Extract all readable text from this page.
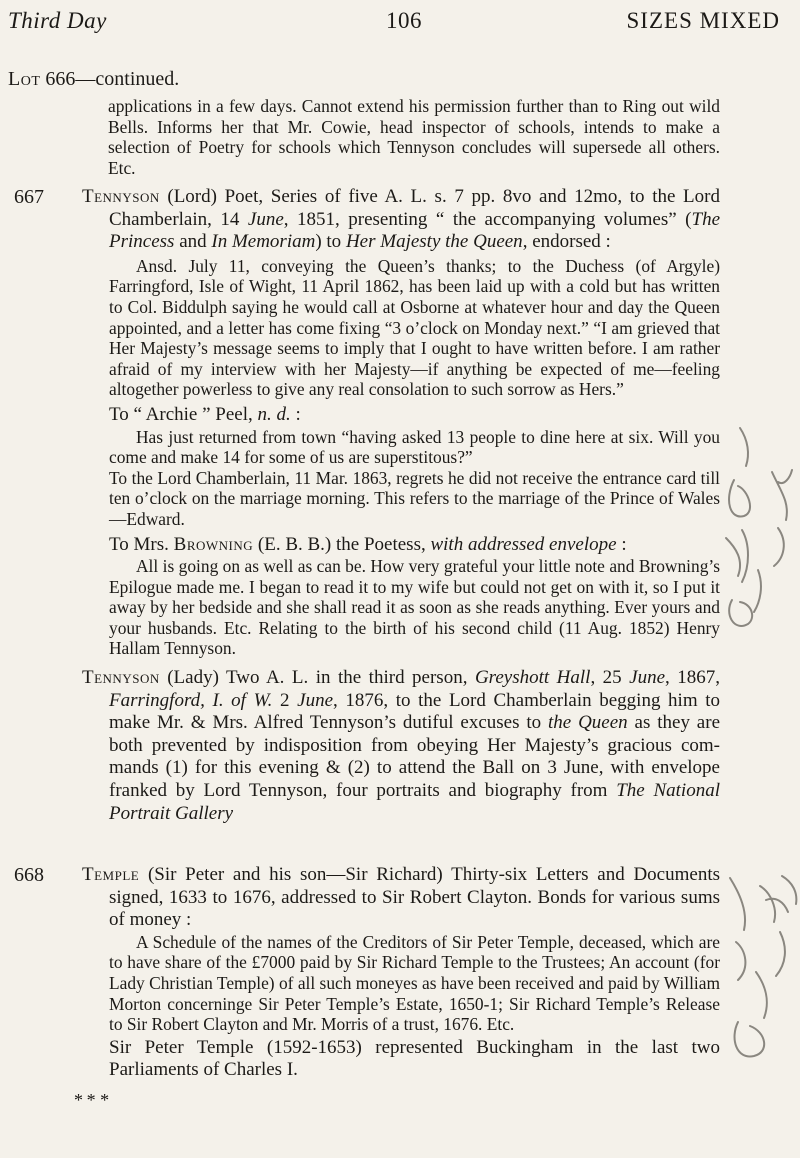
Third Day	106	SIZES MIXED
Lot 666—continued.

applications in a few days. Cannot extend his permission further than to Ring out wild Bells. Informs her that Mr. Cowie, head inspector of schools, intends to make a selection of Poetry for schools which Tennyson concludes will supersede all others. Etc.

667 Tennyson (Lord) Poet, Series of five A. L. s. 7 pp. 8vo and 12mo, to the Lord Chamberlain, 14 June, 1851, presenting “ the accompanying volumes” (The Princess and In Memoriam) to Her Majesty the Queen, endorsed :

Ansd. July 11, conveying the Queen’s thanks; to the Duchess (of Argyle) Farringford, Isle of Wight, 11 April 1862, has been laid up with a cold but has written to Col. Biddulph saying he would call at Osborne at whatever hour and day the Queen appointed, and a letter has come fixing “3 o’clock on Monday next.” “I am grieved that Her Majesty’s message seems to imply that I ought to have written before. I am rather afraid of my interview with her Majesty—if anything be expected of me—feeling altogether powerless to give any real consolation to such sorrow as Hers.”

To “ Archie ” Peel, n. d. :

Has just returned from town “having asked 13 people to dine here at six. Will you come and make 14 for some of us are superstitous?”

To the Lord Chamberlain, 11 Mar. 1863, regrets he did not receive the entrance card till ten o’clock on the marriage morning. This refers to the marriage of the Prince of Wales—Edward.

To Mrs. Browning (E. B. B.) the Poetess, with addressed envelope :

All is going on as well as can be. How very grateful your little note and Browning’s Epilogue made me. I began to read it to my wife but could not get on with it, so I put it away by her bedside and she shall read it as soon as she reads anything. Ever yours and your husbands. Etc. Relating to the birth of his second child (11 Aug. 1852) Henry Hallam Tennyson.

Tennyson (Lady) Two A. L. in the third person, Greyshott Hall, 25 June, 1867, Farringford, I. of W. 2 June, 1876, to the Lord Chamberlain begging him to make Mr. & Mrs. Alfred Tennyson’s dutiful excuses to the Queen as they are both prevented by indisposition from obeying Her Majesty’s gracious commands (1) for this evening & (2) to attend the Ball on 3 June, with envelope franked by Lord Tennyson, four portraits and biography from The National Portrait Gallery

668 Temple (Sir Peter and his son—Sir Richard) Thirty-six Letters and Documents signed, 1633 to 1676, addressed to Sir Robert Clayton. Bonds for various sums of money :

A Schedule of the names of the Creditors of Sir Peter Temple, deceased, which are to have share of the £7000 paid by Sir Richard Temple to the Trustees; An account (for Lady Christian Temple) of all such moneyes as have been received and paid by William Morton concerninge Sir Peter Temple’s Estate, 1650-1; Sir Richard Temple’s Release to Sir Robert Clayton and Mr. Morris of a trust, 1676. Etc.

Sir Peter Temple (1592-1653) represented Buckingham in the last two Parliaments of Charles I.

* * *
